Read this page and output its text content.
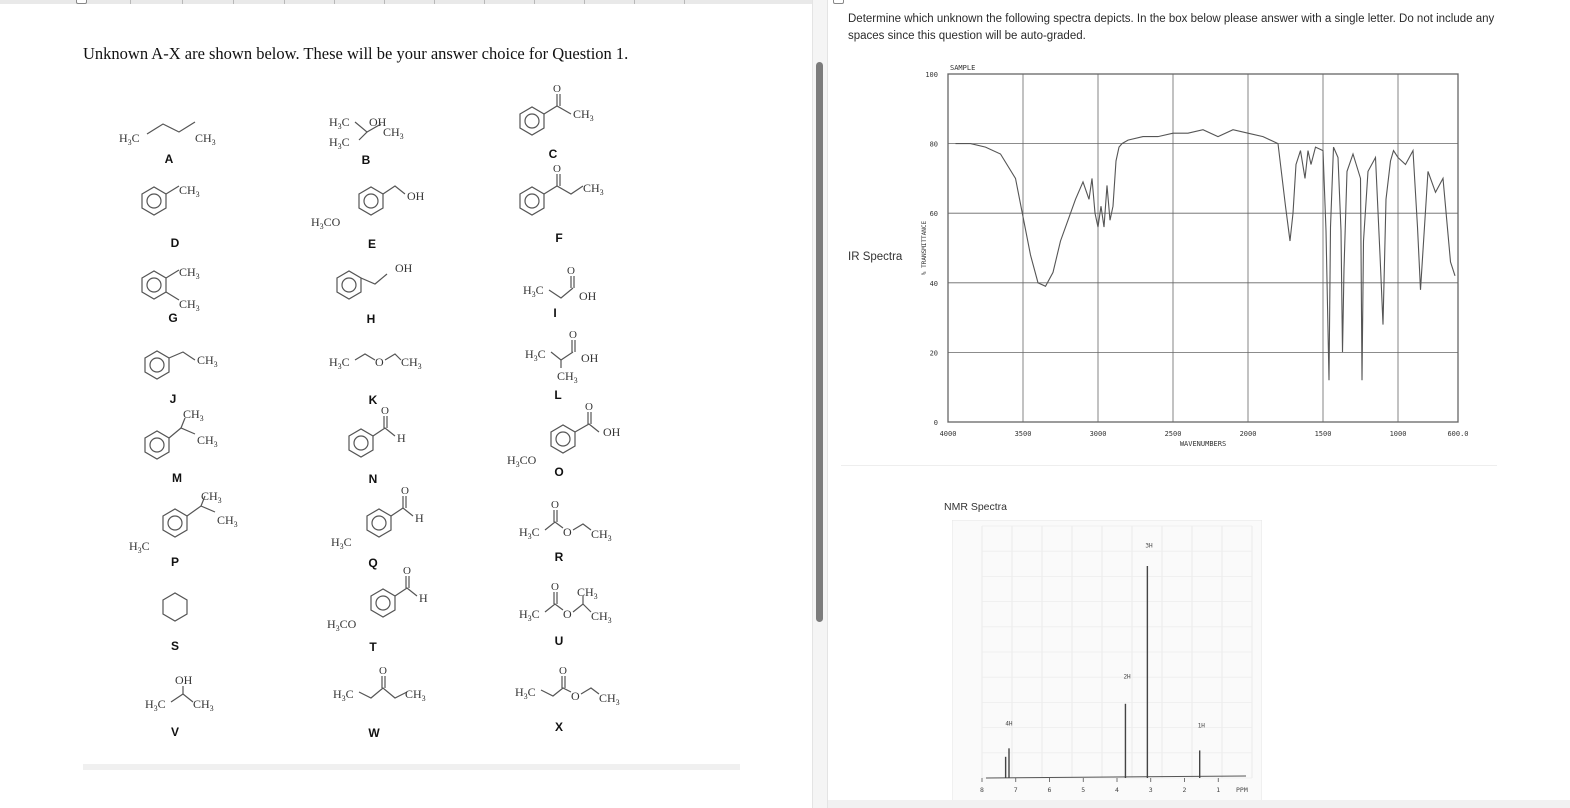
Unknown A-X are shown below. These will be your answer choice for Question 1.
$H_3C$	$CH_3$
$H_3C$ OH
$H_3C$
$CH_3$
O
$CH_3$
$CH_3$
$H_3CO$
OH
O
$CH_3$
$CH_3$
$CH_3$
OH
$H_3C$
O
OH
$CH_3$	$H_3C$ O $CH_3$
$H_3C$
O
OH
$CH_3$
$CH_3$
$CH_3$
O
H
$H_3CO$
O
OH
$H_3C$
$CH_3$
$CH_3$
$H_3C$
O
H
$H_3C$
O
O $CH_3$
$H_3CO$
O
H
$H_3C$
O
O
$CH_3$
$CH_3$
OH
$H_3C$ $CH_3$
$H_3C$
O
$CH_3$	$H_3C$
O
O $CH_3$
A	B	C
D	E	F
G	H	I
J	K	L
M	N	O
P	Q	R
S	T	U
V	W	X
Determine which unknown the following spectra depicts. In the box below please answer with a single letter. Do not include any spaces since this question will be auto-graded.
IR Spectra
4000	3500	3000	2500	2000	1500	1000	600.0
0
20
40
60
80
100
SAMPLE
WAVENUMBERS
% TRANSMITTANCE
NMR Spectra
8	7	6	5	4	3	2	1 PPM
4H
2H
3H
1H
